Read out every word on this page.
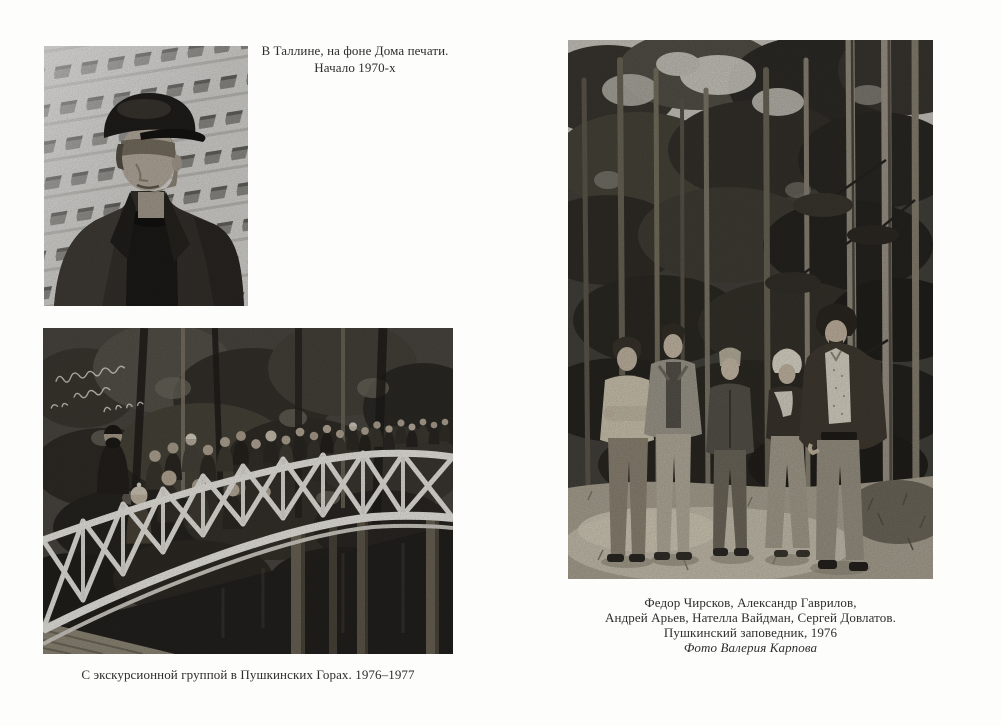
В Таллине, на фоне Дома печати.
Начало 1970-х
С экскурсионной группой в Пушкинских Горах. 1976–1977
Федор Чирсков, Александр Гаврилов,
Андрей Арьев, Нателла Вайдман, Сергей Довлатов.
Пушкинский заповедник, 1976
Фото Валерия Карпова
